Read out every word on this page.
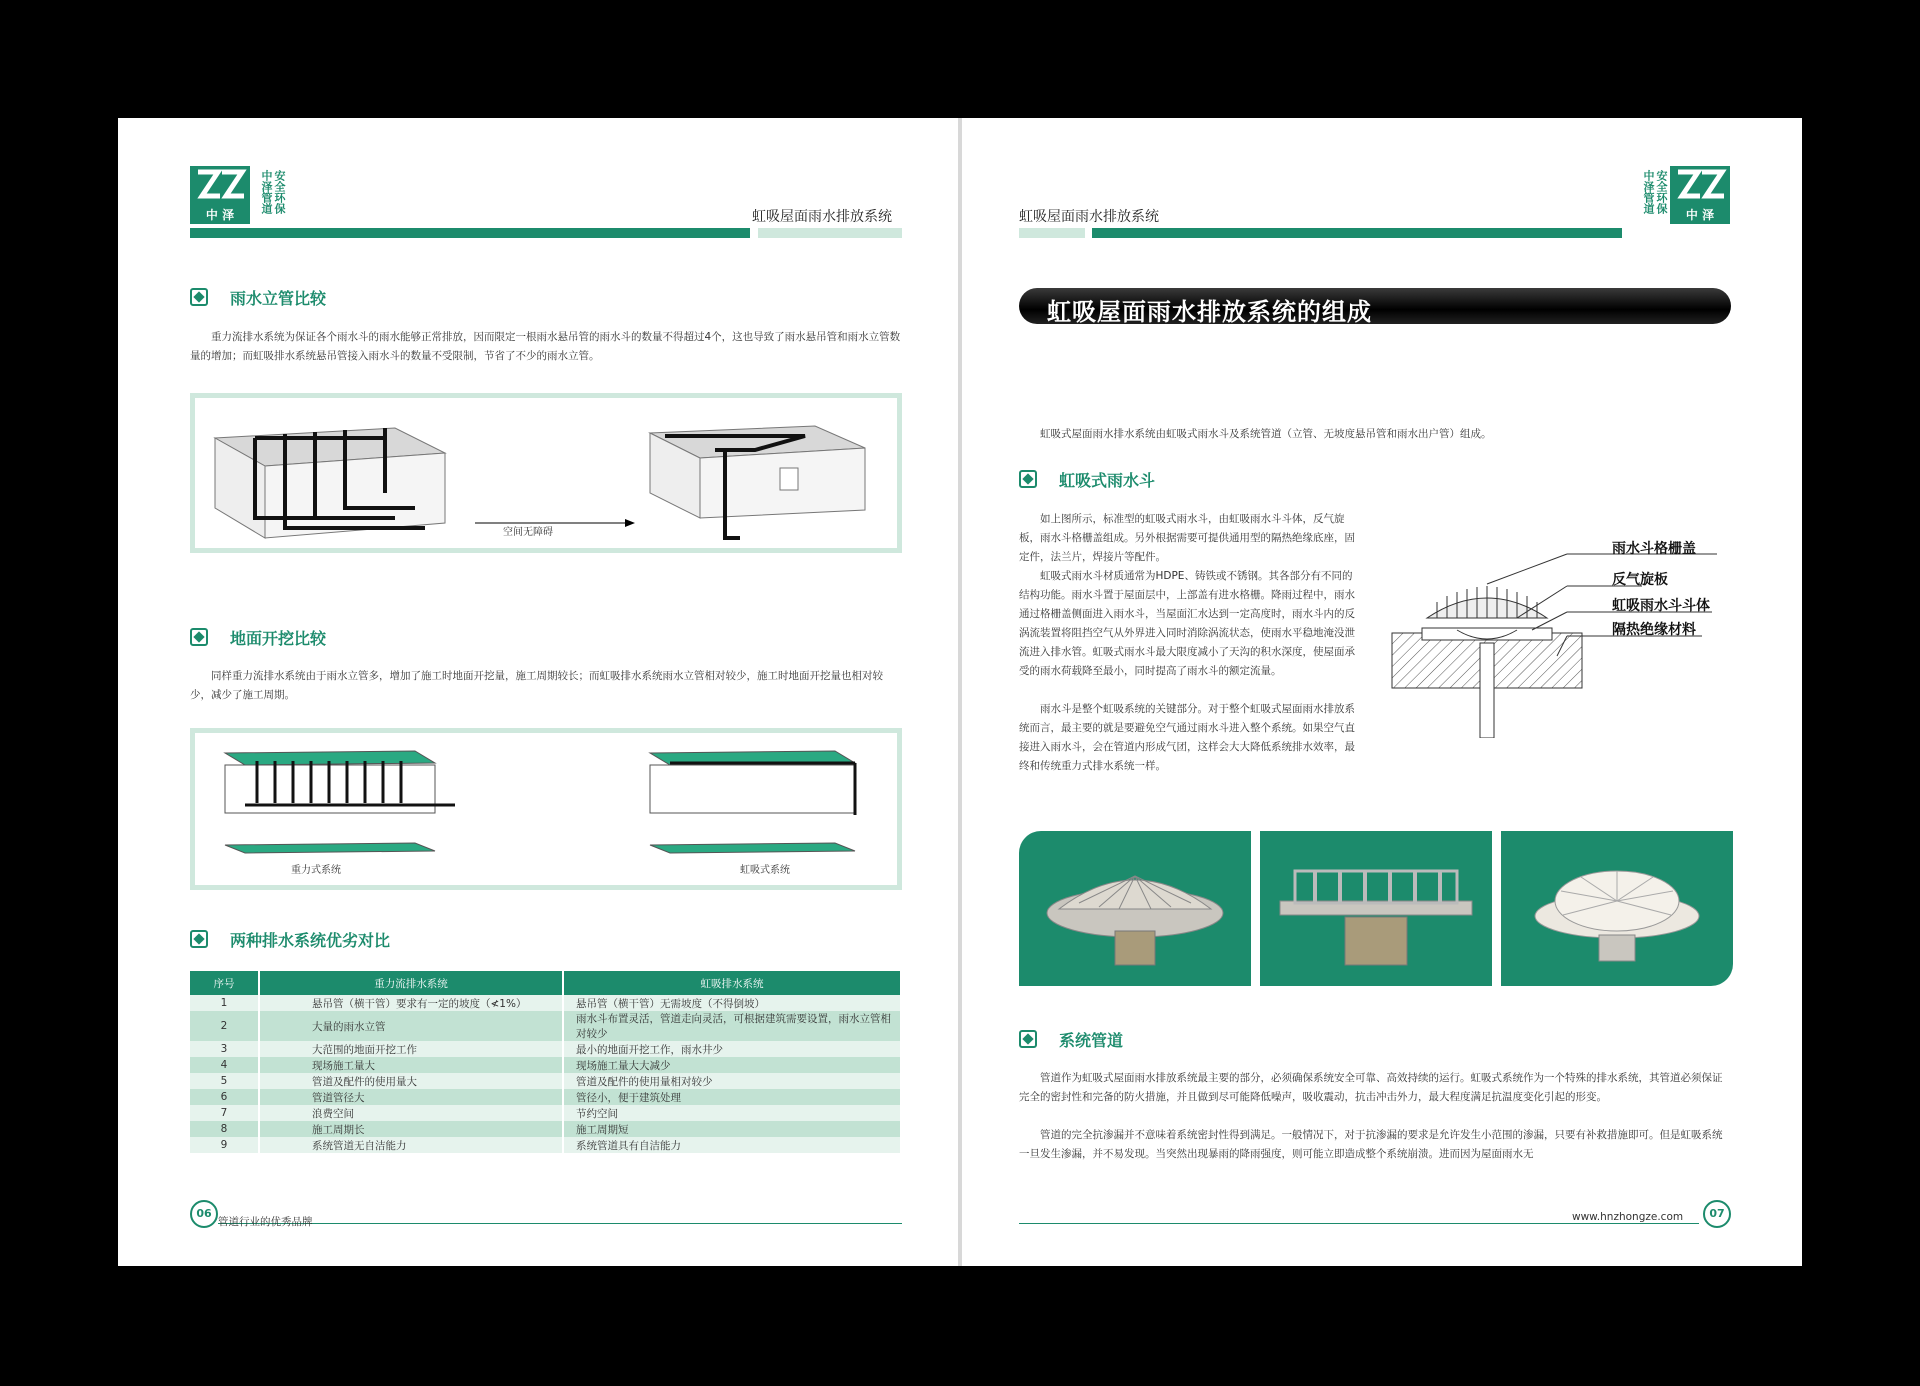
中 泽
安全环保中泽管道
虹吸屋面雨水排放系统
雨水立管比较
重力流排水系统为保证各个雨水斗的雨水能够正常排放，因而限定一根雨水悬吊管的雨水斗的数量不得超过4个，这也导致了雨水悬吊管和雨水立管数量的增加；而虹吸排水系统悬吊管接入雨水斗的数量不受限制，节省了不少的雨水立管。
空间无障碍
地面开挖比较
同样重力流排水系统由于雨水立管多，增加了施工时地面开挖量，施工周期较长；而虹吸排水系统雨水立管相对较少，施工时地面开挖量也相对较少，减少了施工周期。
重力式系统	虹吸式系统
两种排水系统优劣对比
序号	重力流排水系统	虹吸排水系统
1	悬吊管（横干管）要求有一定的坡度（≮1%）	悬吊管（横干管）无需坡度（不得倒坡）
2	大量的雨水立管	雨水斗布置灵活，管道走向灵活，可根据建筑需要设置，雨水立管相对较少
3	大范围的地面开挖工作	最小的地面开挖工作，雨水井少
4	现场施工量大	现场施工量大大减少
5	管道及配件的使用量大	管道及配件的使用量相对较少
6	管道管径大	管径小，便于建筑处理
7	浪费空间	节约空间
8	施工周期长	施工周期短
9	系统管道无自洁能力	系统管道具有自洁能力
06
管道行业的优秀品牌
安全环保中泽管道
中 泽
虹吸屋面雨水排放系统
虹吸屋面雨水排放系统的组成
虹吸式屋面雨水排水系统由虹吸式雨水斗及系统管道（立管、无坡度悬吊管和雨水出户管）组成。
虹吸式雨水斗
如上图所示，标准型的虹吸式雨水斗，由虹吸雨水斗斗体，反气旋板，雨水斗格栅盖组成。另外根据需要可提供通用型的隔热绝缘底座，固定件，法兰片，焊接片等配件。
虹吸式雨水斗材质通常为HDPE、铸铁或不锈钢。其各部分有不同的结构功能。雨水斗置于屋面层中，上部盖有进水格栅。降雨过程中，雨水通过格栅盖侧面进入雨水斗，当屋面汇水达到一定高度时，雨水斗内的反涡流装置将阻挡空气从外界进入同时消除涡流状态，使雨水平稳地淹没泄流进入排水管。虹吸式雨水斗最大限度减小了天沟的积水深度，使屋面承受的雨水荷载降至最小，同时提高了雨水斗的额定流量。
雨水斗是整个虹吸系统的关键部分。对于整个虹吸式屋面雨水排放系统而言，最主要的就是要避免空气通过雨水斗进入整个系统。如果空气直接进入雨水斗，会在管道内形成气团，这样会大大降低系统排水效率，最终和传统重力式排水系统一样。
雨水斗格栅盖
反气旋板
虹吸雨水斗斗体
隔热绝缘材料
系统管道
管道作为虹吸式屋面雨水排放系统最主要的部分，必须确保系统安全可靠、高效持续的运行。虹吸式系统作为一个特殊的排水系统，其管道必须保证完全的密封性和完备的防火措施，并且做到尽可能降低噪声，吸收震动，抗击冲击外力，最大程度满足抗温度变化引起的形变。
管道的完全抗渗漏并不意味着系统密封性得到满足。一般情况下，对于抗渗漏的要求是允许发生小范围的渗漏，只要有补救措施即可。但是虹吸系统一旦发生渗漏，并不易发现。当突然出现暴雨的降雨强度，则可能立即造成整个系统崩溃。进而因为屋面雨水无
www.hnzhongze.com	07
